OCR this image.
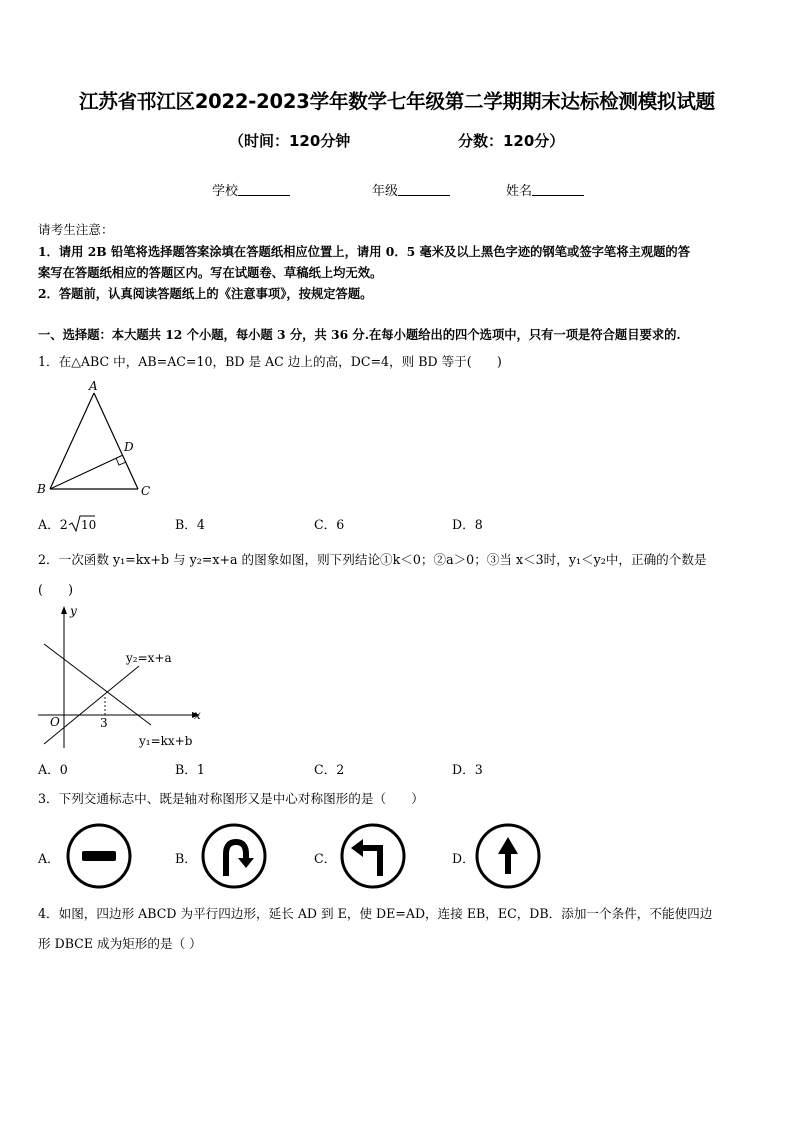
江苏省邗江区2022-2023学年数学七年级第二学期期末达标检测模拟试题
（时间：120分钟	分数：120分）
学校	年级	姓名
请考生注意：
1．请用 2B 铅笔将选择题答案涂填在答题纸相应位置上，请用 0．5 毫米及以上黑色字迹的钢笔或签字笔将主观题的答
案写在答题纸相应的答题区内。写在试题卷、草稿纸上均无效。
2．答题前，认真阅读答题纸上的《注意事项》，按规定答题。
一、选择题：本大题共 12 个小题，每小题 3 分，共 36 分.在每小题给出的四个选项中，只有一项是符合题目要求的.
1．在△ABC 中，AB=AC=10，BD 是 AC 边上的高，DC=4，则 BD 等于(　　)
A
B	C
D
A．2 10	B．4	C．6	D．8
2．一次函数 y₁=kx+b 与 y₂=x+a 的图象如图，则下列结论①k＜0；②a＞0；③当 x＜3时，y₁＜y₂中，正确的个数是
(　　)
y
x
O	3
y₂=x+a
y₁=kx+b
A．0	B．1	C．2	D．3
3．下列交通标志中、既是轴对称图形又是中心对称图形的是（　　）
A．	B．	C．	D．
4．如图，四边形 ABCD 为平行四边形，延长 AD 到 E，使 DE=AD，连接 EB，EC，DB．添加一个条件，不能使四边
形 DBCE 成为矩形的是（ ）
